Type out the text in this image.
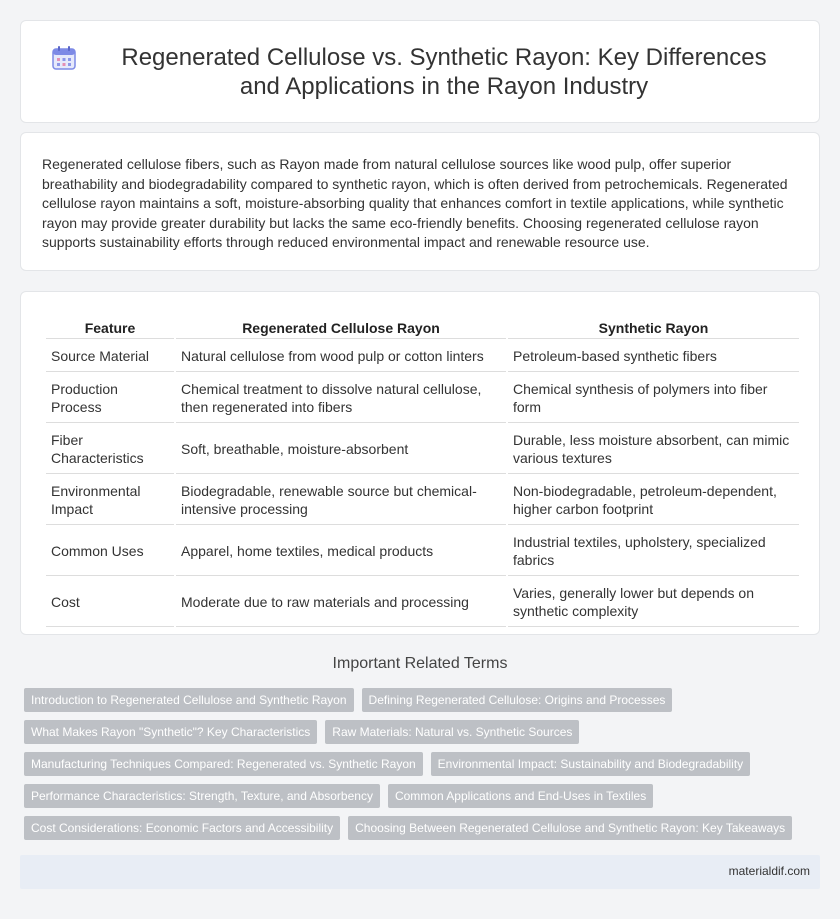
Regenerated Cellulose vs. Synthetic Rayon: Key Differences and Applications in the Rayon Industry

Regenerated cellulose fibers, such as Rayon made from natural cellulose sources like wood pulp, offer superior breathability and biodegradability compared to synthetic rayon, which is often derived from petrochemicals. Regenerated cellulose rayon maintains a soft, moisture-absorbing quality that enhances comfort in textile applications, while synthetic rayon may provide greater durability but lacks the same eco-friendly benefits. Choosing regenerated cellulose rayon supports sustainability efforts through reduced environmental impact and renewable resource use.

Feature	Regenerated Cellulose Rayon	Synthetic Rayon
Source Material	Natural cellulose from wood pulp or cotton linters	Petroleum-based synthetic fibers
Production Process	Chemical treatment to dissolve natural cellulose, then regenerated into fibers	Chemical synthesis of polymers into fiber form
Fiber Characteristics	Soft, breathable, moisture-absorbent	Durable, less moisture absorbent, can mimic various textures
Environmental Impact	Biodegradable, renewable source but chemical-intensive processing	Non-biodegradable, petroleum-dependent, higher carbon footprint
Common Uses	Apparel, home textiles, medical products	Industrial textiles, upholstery, specialized fabrics
Cost	Moderate due to raw materials and processing	Varies, generally lower but depends on synthetic complexity
Important Related Terms
Introduction to Regenerated Cellulose and Synthetic Rayon	Defining Regenerated Cellulose: Origins and Processes
What Makes Rayon "Synthetic"? Key Characteristics	Raw Materials: Natural vs. Synthetic Sources
Manufacturing Techniques Compared: Regenerated vs. Synthetic Rayon	Environmental Impact: Sustainability and Biodegradability
Performance Characteristics: Strength, Texture, and Absorbency	Common Applications and End-Uses in Textiles
Cost Considerations: Economic Factors and Accessibility	Choosing Between Regenerated Cellulose and Synthetic Rayon: Key Takeaways
materialdif.com
